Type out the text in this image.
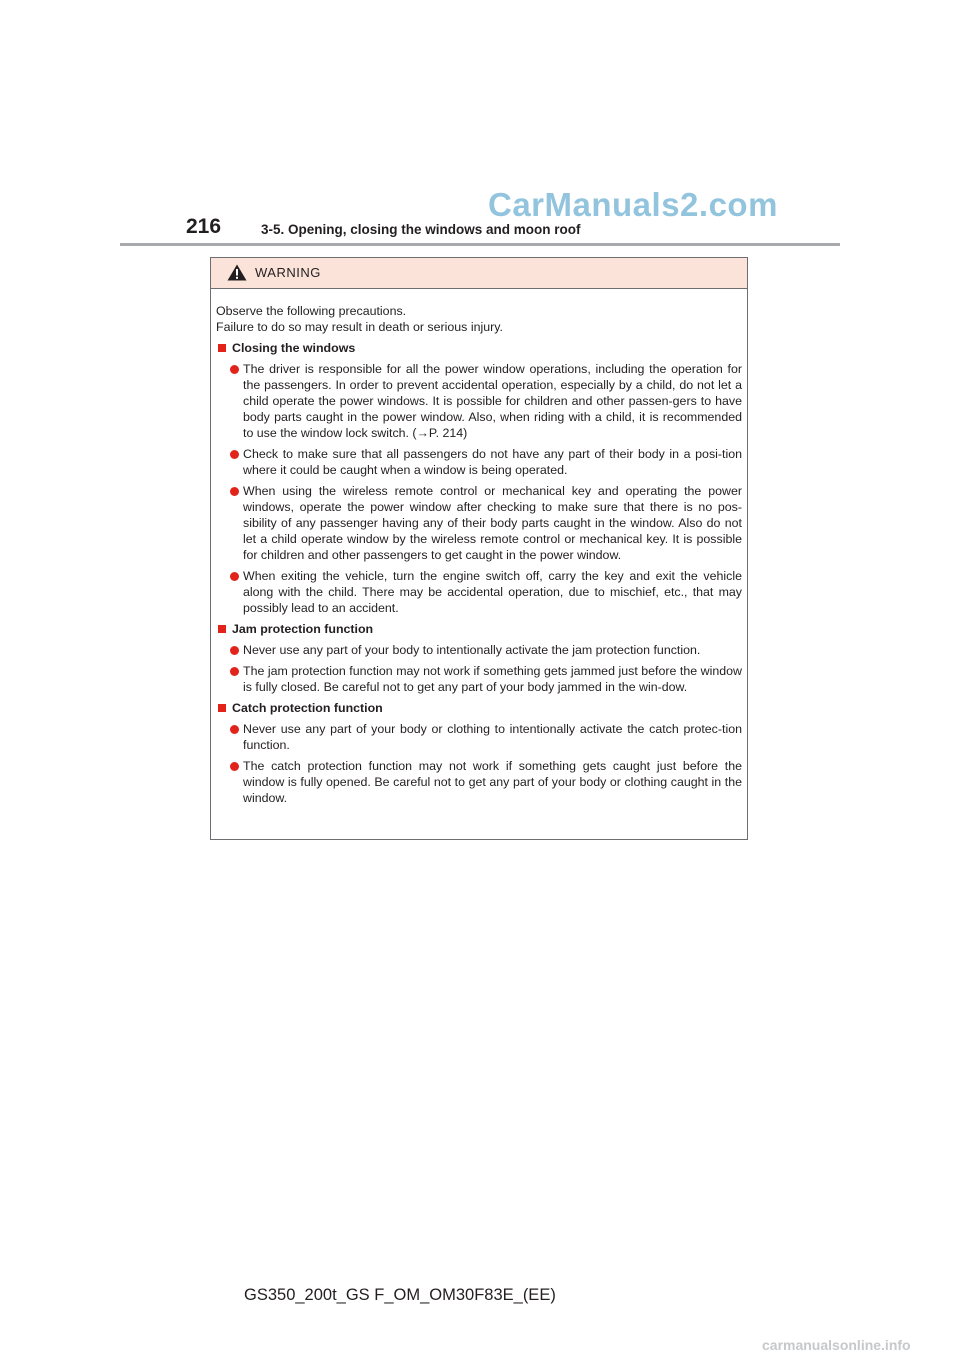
CarManuals2.com
216	3-5. Opening, closing the windows and moon roof
WARNING

Observe the following precautions.

Failure to do so may result in death or serious injury.

Closing the windows
The driver is responsible for all the power window operations, including the operation for the passengers. In order to prevent accidental operation, especially by a child, do not let a child operate the power windows. It is possible for children and other passen-gers to have body parts caught in the power window. Also, when riding with a child, it is recommended to use the window lock switch. (→P. 214)
Check to make sure that all passengers do not have any part of their body in a posi-tion where it could be caught when a window is being operated.
When using the wireless remote control or mechanical key and operating the power windows, operate the power window after checking to make sure that there is no pos-sibility of any passenger having any of their body parts caught in the window. Also do not let a child operate window by the wireless remote control or mechanical key. It is possible for children and other passengers to get caught in the power window.
When exiting the vehicle, turn the engine switch off, carry the key and exit the vehicle along with the child. There may be accidental operation, due to mischief, etc., that may possibly lead to an accident.
Jam protection function
Never use any part of your body to intentionally activate the jam protection function.
The jam protection function may not work if something gets jammed just before the window is fully closed. Be careful not to get any part of your body jammed in the win-dow.
Catch protection function
Never use any part of your body or clothing to intentionally activate the catch protec-tion function.
The catch protection function may not work if something gets caught just before the window is fully opened. Be careful not to get any part of your body or clothing caught in the window.
GS350_200t_GS F_OM_OM30F83E_(EE)
carmanualsonline.info
